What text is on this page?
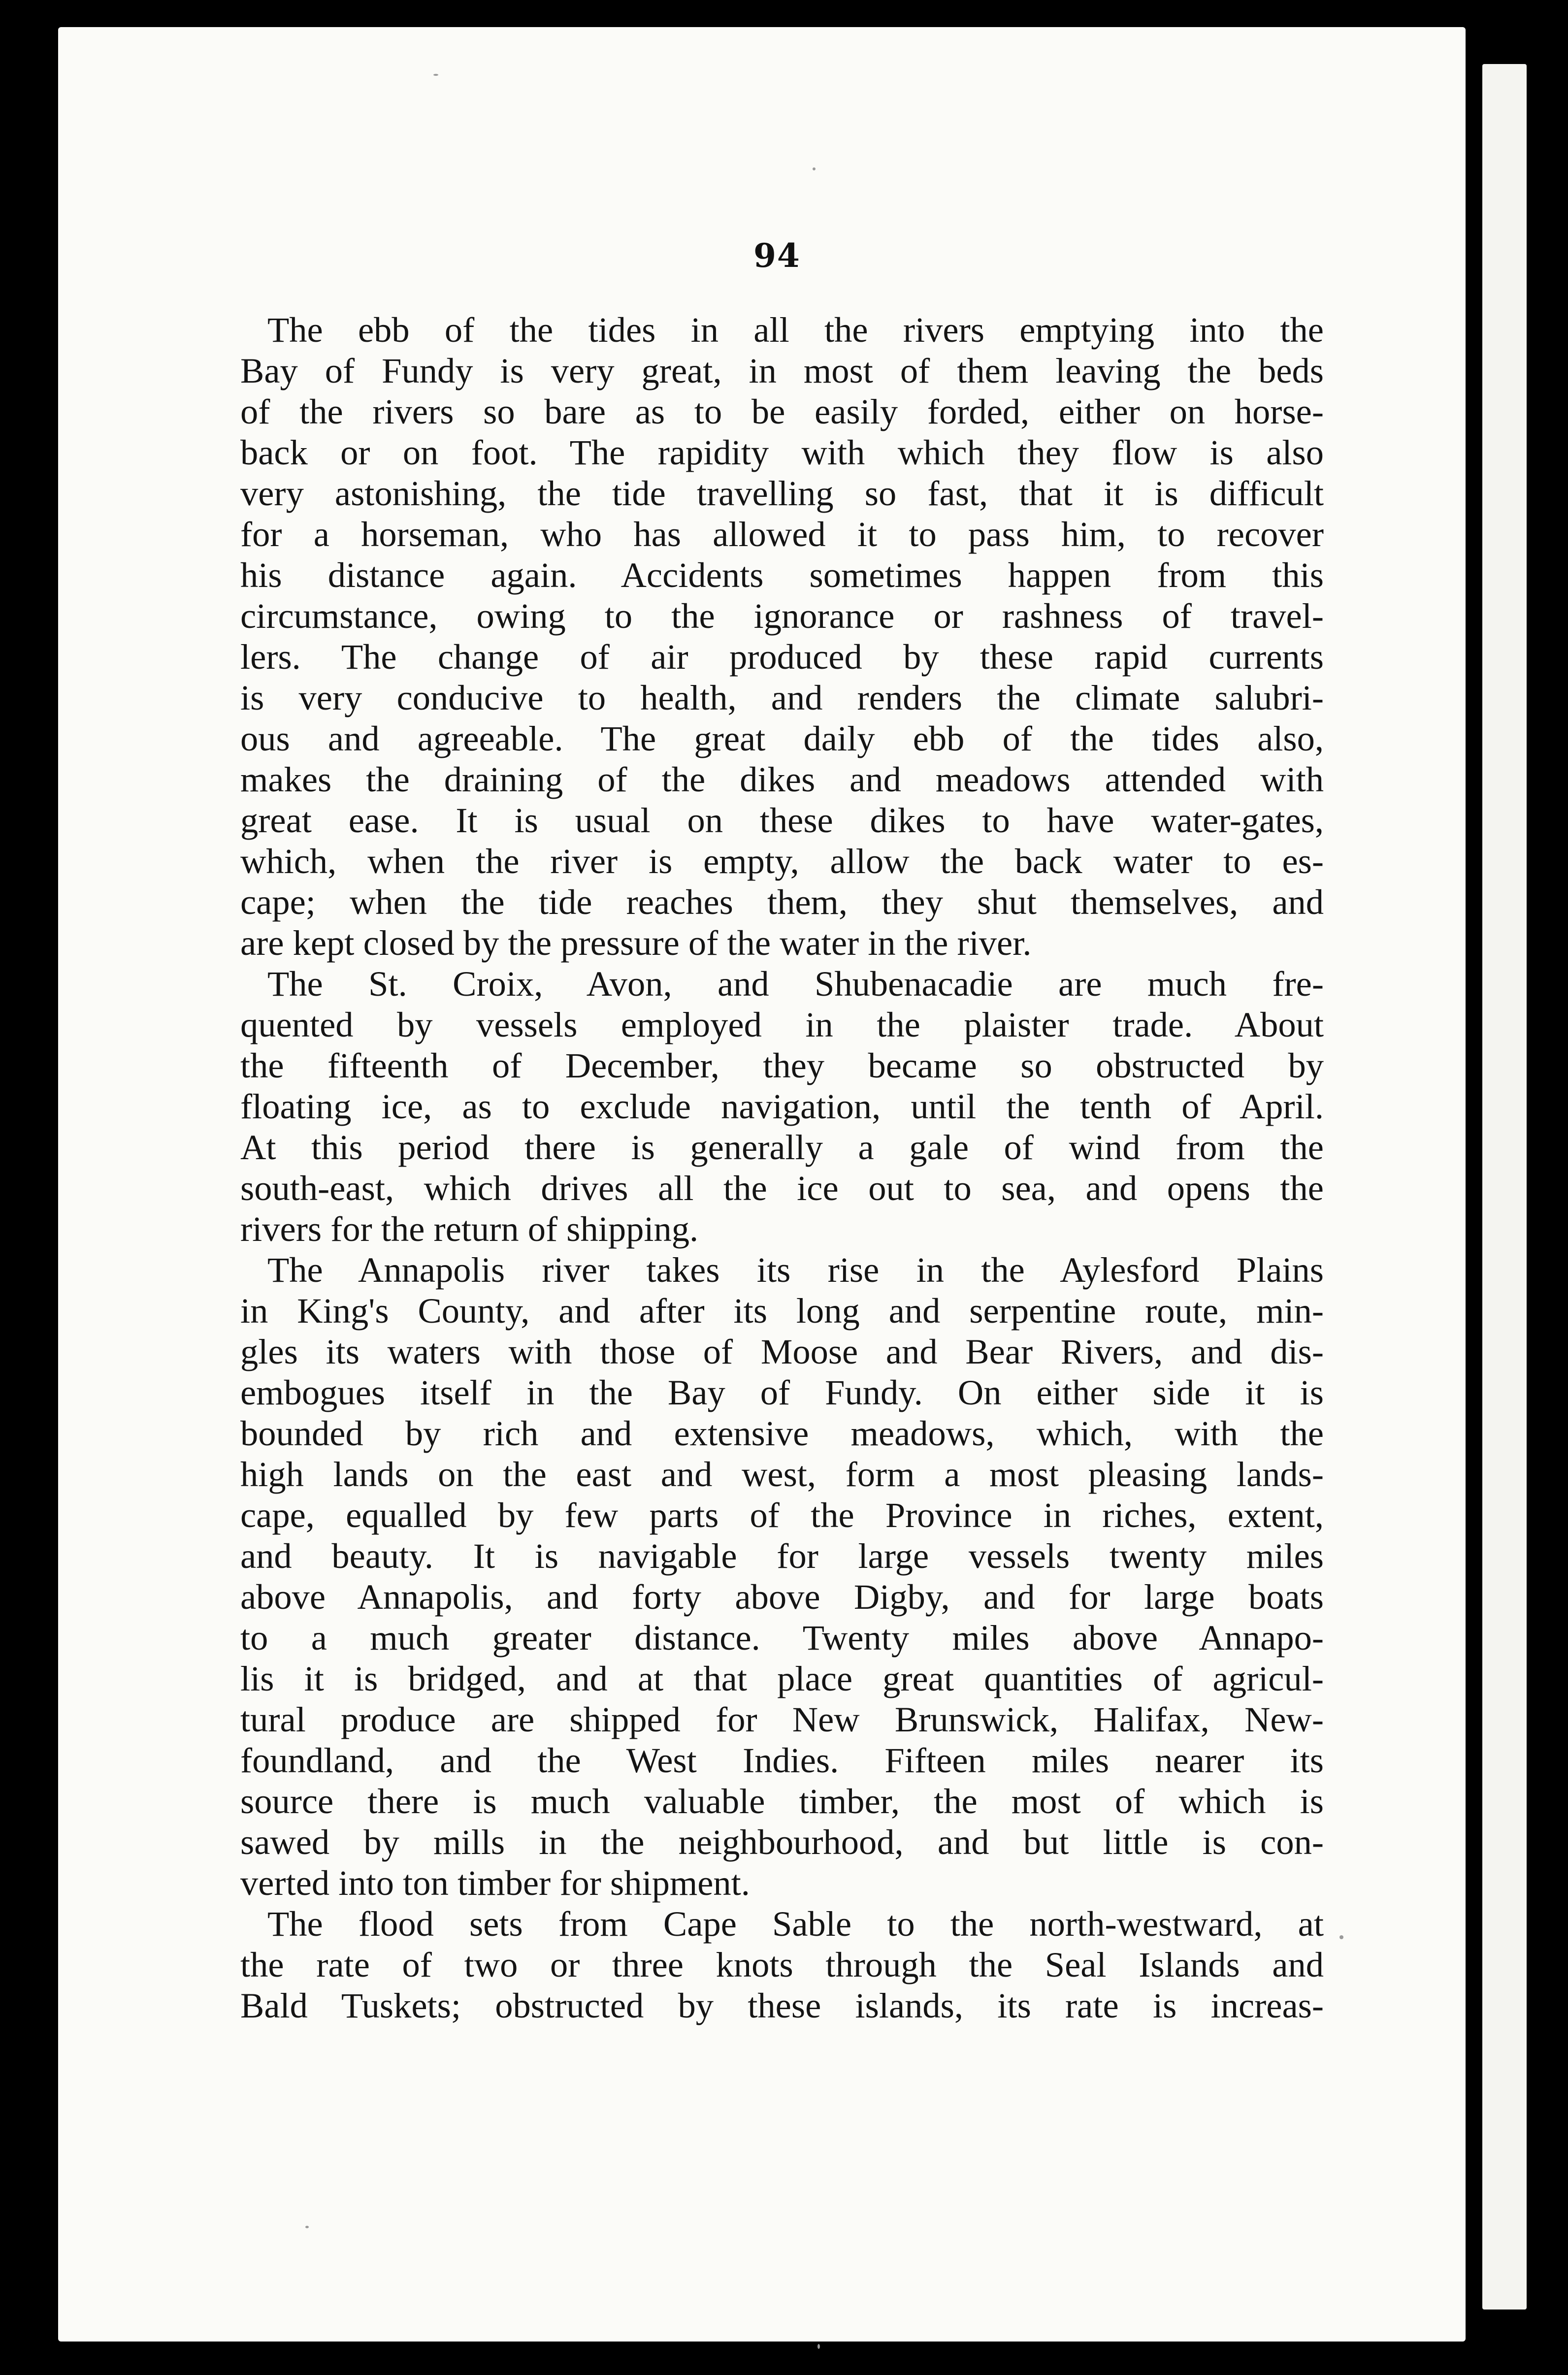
94
The ebb of the tides in all the rivers emptying into the
Bay of Fundy is very great, in most of them leaving the beds
of the rivers so bare as to be easily forded, either on horse-
back or on foot. The rapidity with which they flow is also
very astonishing, the tide travelling so fast, that it is difficult
for a horseman, who has allowed it to pass him, to recover
his distance again. Accidents sometimes happen from this
circumstance, owing to the ignorance or rashness of travel-
lers. The change of air produced by these rapid currents
is very conducive to health, and renders the climate salubri-
ous and agreeable. The great daily ebb of the tides also,
makes the draining of the dikes and meadows attended with
great ease. It is usual on these dikes to have water-gates,
which, when the river is empty, allow the back water to es-
cape; when the tide reaches them, they shut themselves, and
are kept closed by the pressure of the water in the river.
The St. Croix, Avon, and Shubenacadie are much fre-
quented by vessels employed in the plaister trade. About
the fifteenth of December, they became so obstructed by
floating ice, as to exclude navigation, until the tenth of April.
At this period there is generally a gale of wind from the
south-east, which drives all the ice out to sea, and opens the
rivers for the return of shipping.
The Annapolis river takes its rise in the Aylesford Plains
in King's County, and after its long and serpentine route, min-
gles its waters with those of Moose and Bear Rivers, and dis-
embogues itself in the Bay of Fundy. On either side it is
bounded by rich and extensive meadows, which, with the
high lands on the east and west, form a most pleasing lands-
cape, equalled by few parts of the Province in riches, extent,
and beauty. It is navigable for large vessels twenty miles
above Annapolis, and forty above Digby, and for large boats
to a much greater distance. Twenty miles above Annapo-
lis it is bridged, and at that place great quantities of agricul-
tural produce are shipped for New Brunswick, Halifax, New-
foundland, and the West Indies. Fifteen miles nearer its
source there is much valuable timber, the most of which is
sawed by mills in the neighbourhood, and but little is con-
verted into ton timber for shipment.
The flood sets from Cape Sable to the north-westward, at
the rate of two or three knots through the Seal Islands and
Bald Tuskets; obstructed by these islands, its rate is increas-
